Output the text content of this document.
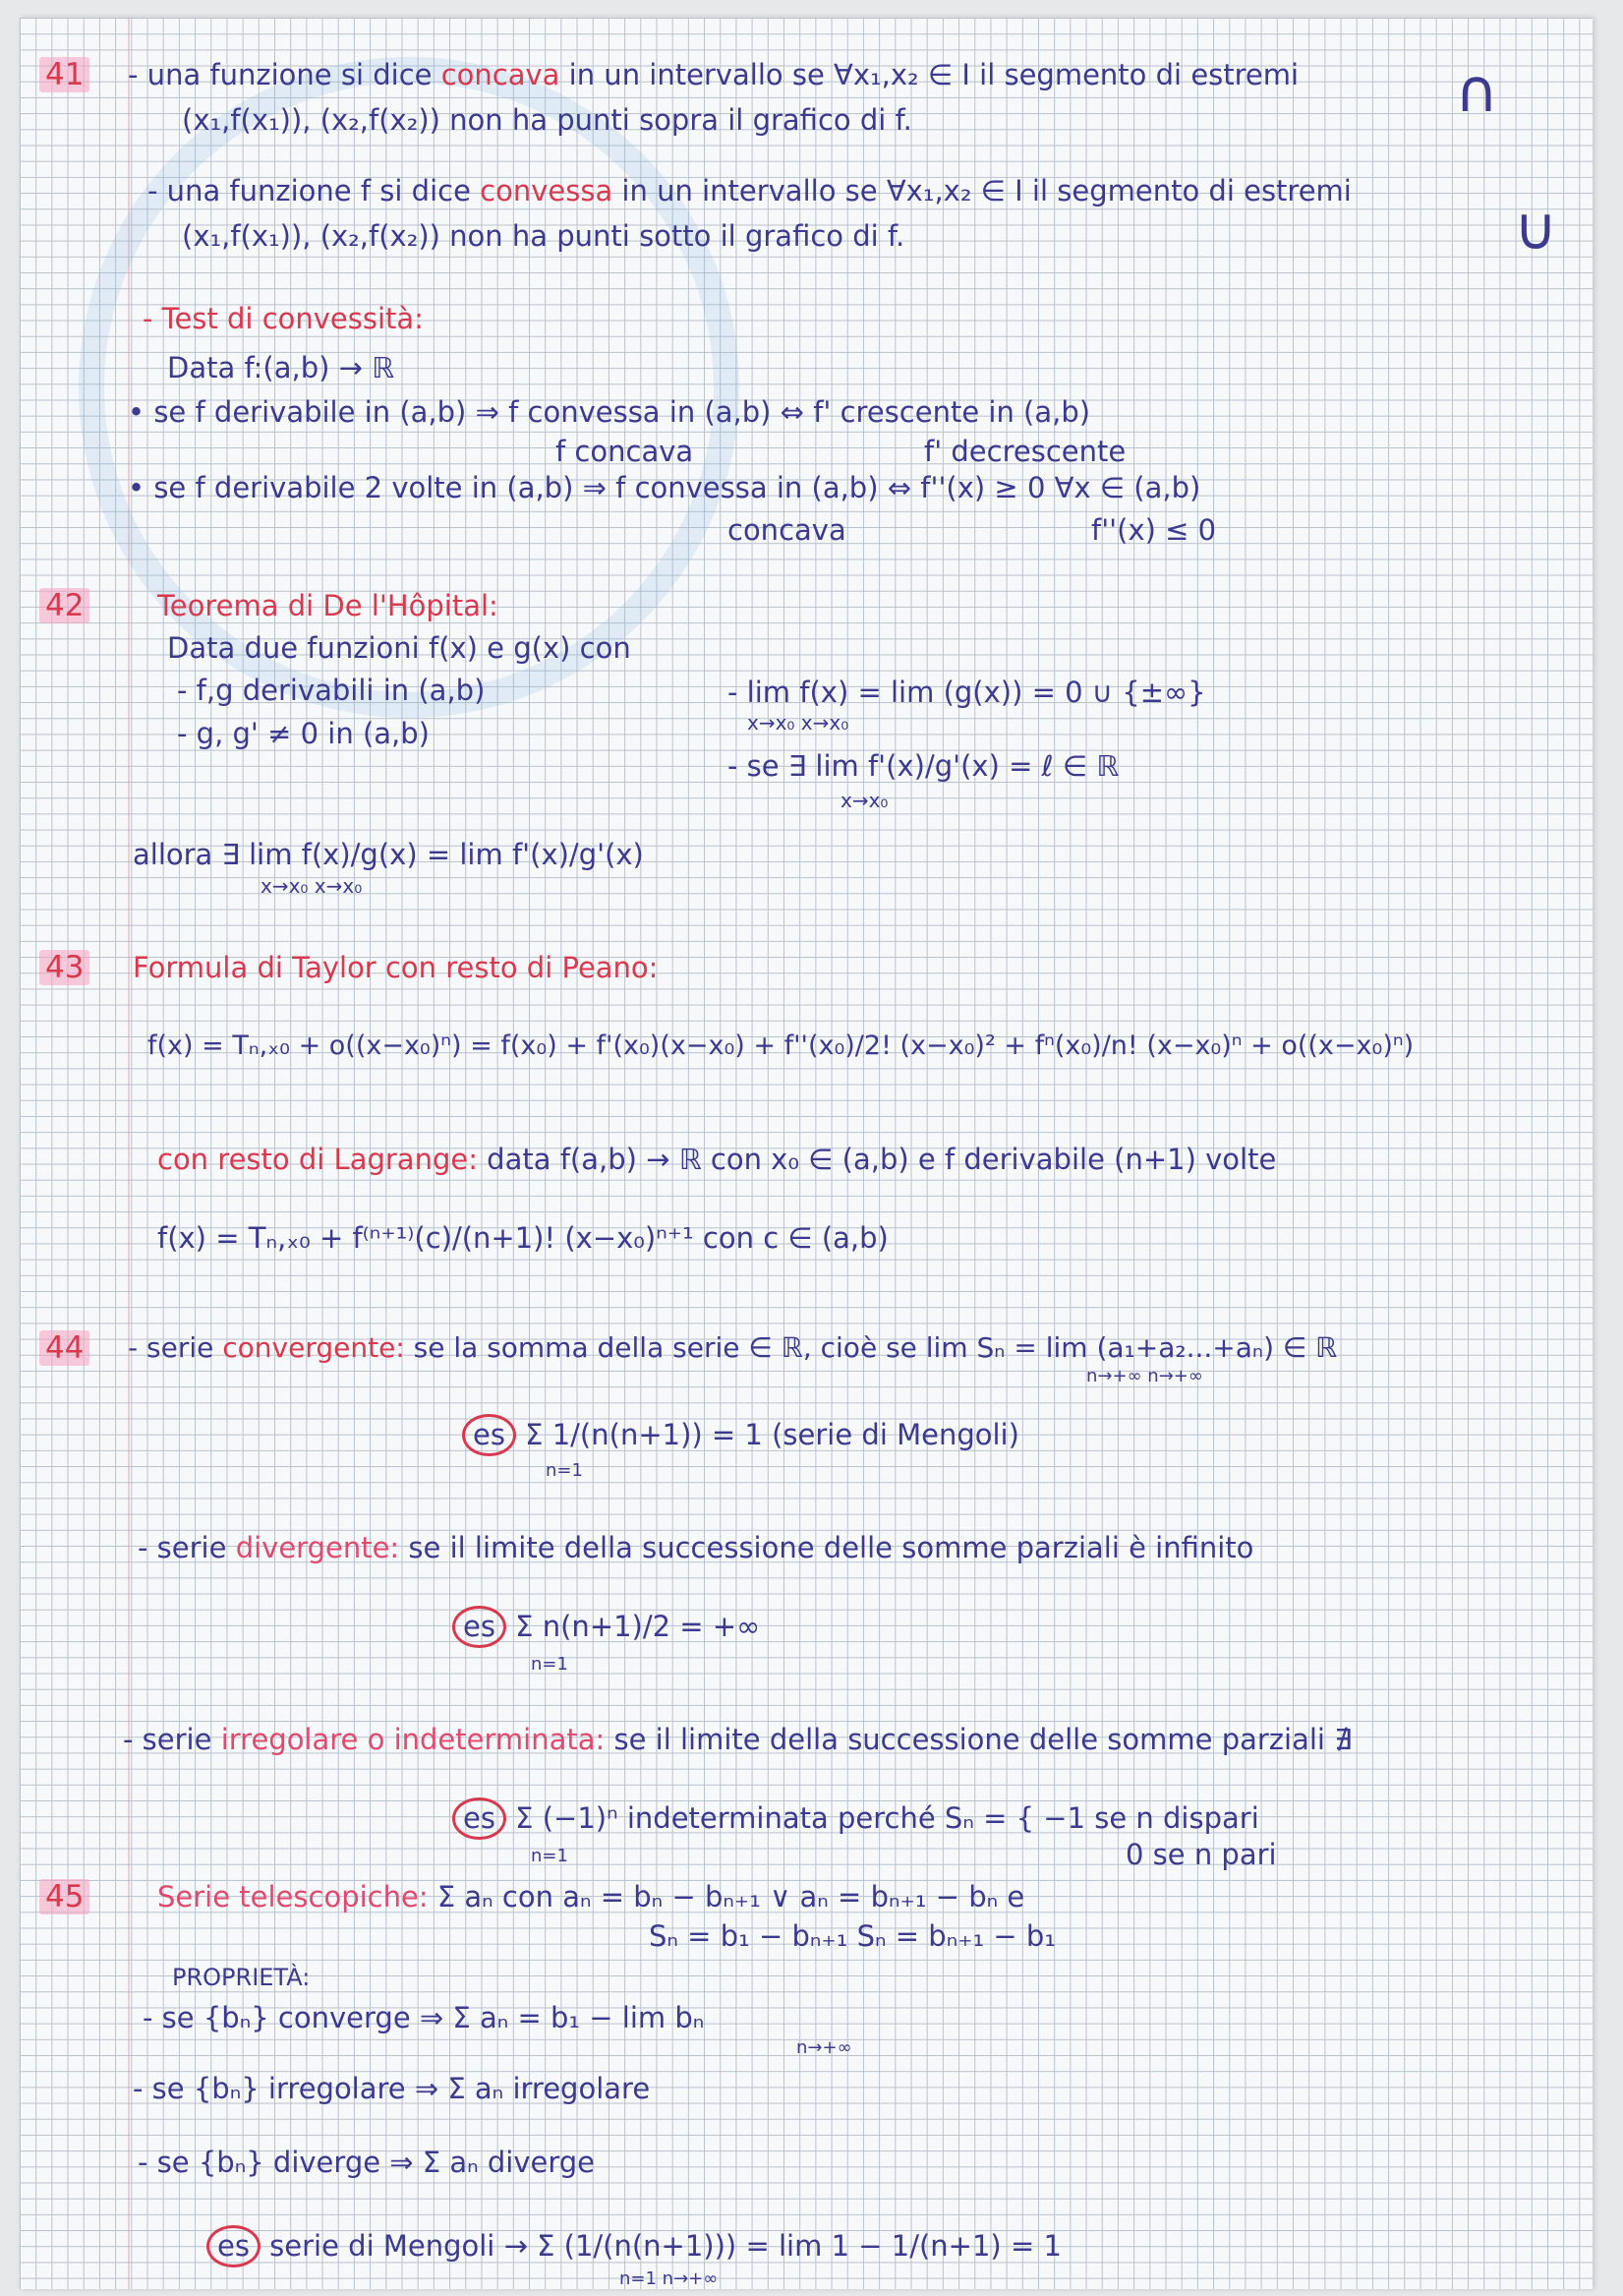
41 - una funzione si dice concava in un intervallo se ∀x₁,x₂ ∈ I il segmento di estremi
(x₁,f(x₁)), (x₂,f(x₂)) non ha punti sopra il grafico di f.	∩
- una funzione f si dice convessa in un intervallo se ∀x₁,x₂ ∈ I il segmento di estremi
(x₁,f(x₁)), (x₂,f(x₂)) non ha punti sotto il grafico di f.	∪
- Test di convessità:
Data f:(a,b) → ℝ
• se f derivabile in (a,b) ⇒ f convessa in (a,b) ⇔ f' crescente in (a,b)
f concava	f' decrescente
• se f derivabile 2 volte in (a,b) ⇒ f convessa in (a,b) ⇔ f''(x) ≥ 0 ∀x ∈ (a,b)
concava	f''(x) ≤ 0
42	Teorema di De l'Hôpital:
Data due funzioni f(x) e g(x) con
- f,g derivabili in (a,b)
- g, g' ≠ 0 in (a,b)
- lim f(x) = lim (g(x)) = 0 ∪ {±∞}
x→x₀ x→x₀
- se ∃ lim f'(x)/g'(x) = ℓ ∈ ℝ
x→x₀
allora ∃ lim f(x)/g(x) = lim f'(x)/g'(x)
x→x₀ x→x₀
43 Formula di Taylor con resto di Peano:
f(x) = Tₙ,ₓ₀ + o((x−x₀)ⁿ) = f(x₀) + f'(x₀)(x−x₀) + f''(x₀)/2! (x−x₀)² + fⁿ(x₀)/n! (x−x₀)ⁿ + o((x−x₀)ⁿ)
con resto di Lagrange: data f(a,b) → ℝ con x₀ ∈ (a,b) e f derivabile (n+1) volte
f(x) = Tₙ,ₓ₀ + f⁽ⁿ⁺¹⁾(c)/(n+1)! (x−x₀)ⁿ⁺¹ con c ∈ (a,b)
44 - serie convergente: se la somma della serie ∈ ℝ, cioè se lim Sₙ = lim (a₁+a₂...+aₙ) ∈ ℝ
n→+∞ n→+∞
es Σ 1/(n(n+1)) = 1 (serie di Mengoli)
n=1
- serie divergente: se il limite della successione delle somme parziali è infinito
es Σ n(n+1)/2 = +∞
n=1
- serie irregolare o indeterminata: se il limite della successione delle somme parziali ∄
es Σ (−1)ⁿ indeterminata perché Sₙ = { −1 se n dispari
0 se n pari
n=1
45	Serie telescopiche: Σ aₙ con aₙ = bₙ − bₙ₊₁ ∨ aₙ = bₙ₊₁ − bₙ e
Sₙ = b₁ − bₙ₊₁ Sₙ = bₙ₊₁ − b₁
PROPRIETÀ:
- se {bₙ} converge ⇒ Σ aₙ = b₁ − lim bₙ
n→+∞
- se {bₙ} irregolare ⇒ Σ aₙ irregolare
- se {bₙ} diverge ⇒ Σ aₙ diverge
es serie di Mengoli → Σ (1/(n(n+1))) = lim 1 − 1/(n+1) = 1
n=1 n→+∞
